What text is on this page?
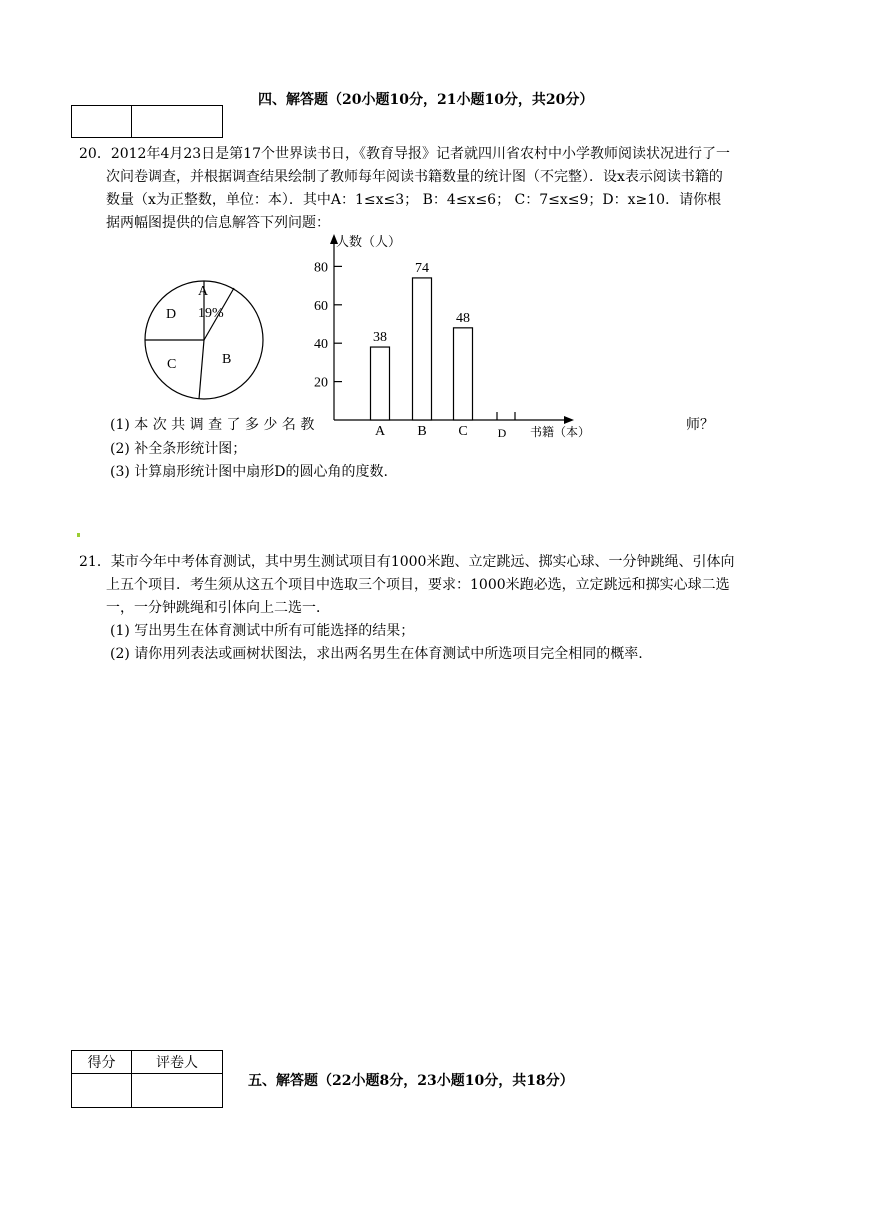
四、解答题（20小题10分，21小题10分，共20分）

20．2012年4月23日是第17个世界读书日，《教育导报》记者就四川省农村中小学教师阅读状况进行了一
次问卷调查，并根据调查结果绘制了教师每年阅读书籍数量的统计图（不完整）．设x表示阅读书籍的
数量（x为正整数，单位：本）．其中A：1≤x≤3； B：4≤x≤6； C：7≤x≤9；D：x≥10．请你根
据两幅图提供的信息解答下列问题：
A
19%
B
C
D
人数（人）
书籍（本）
20
40
60
80
38
A
74
B
48
C D
(1) 本 次 共 调 查 了 多 少 名 教	师？
(2) 补全条形统计图；
(3) 计算扇形统计图中扇形D的圆心角的度数.
21．某市今年中考体育测试，其中男生测试项目有1000米跑、立定跳远、掷实心球、一分钟跳绳、引体向
上五个项目．考生须从这五个项目中选取三个项目，要求：1000米跑必选，立定跳远和掷实心球二选
一，一分钟跳绳和引体向上二选一．
(1) 写出男生在体育测试中所有可能选择的结果；
(2) 请你用列表法或画树状图法，求出两名男生在体育测试中所选项目完全相同的概率.
得分	评卷人

五、解答题（22小题8分，23小题10分，共18分）
